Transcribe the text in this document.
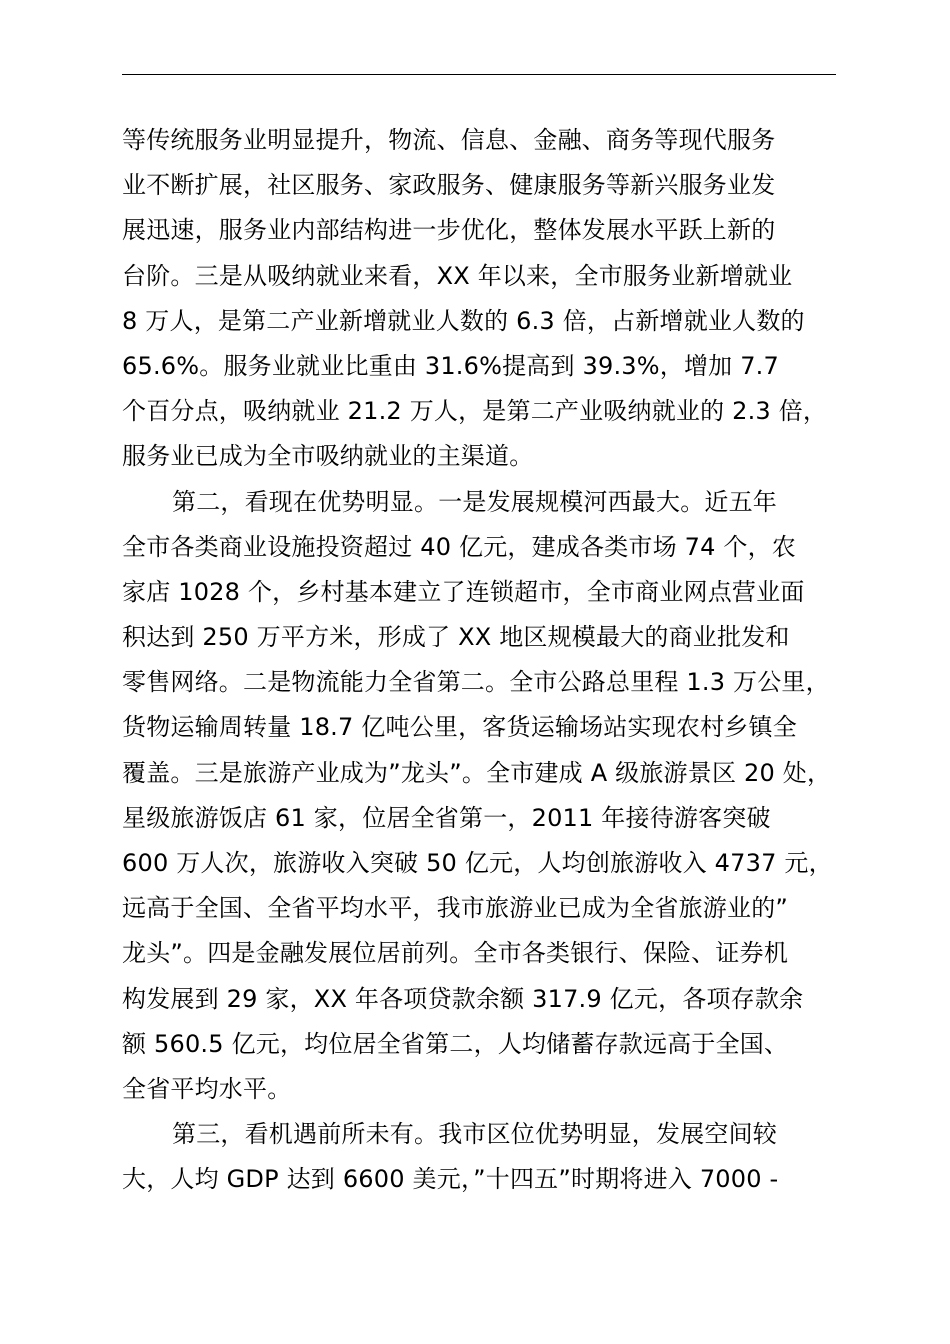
等传统服务业明显提升，物流、信息、金融、商务等现代服务
业不断扩展，社区服务、家政服务、健康服务等新兴服务业发
展迅速，服务业内部结构进一步优化，整体发展水平跃上新的
台阶。三是从吸纳就业来看，XX 年以来，全市服务业新增就业
8 万人，是第二产业新增就业人数的 6.3 倍，占新增就业人数的
65.6%。服务业就业比重由 31.6%提高到 39.3%，增加 7.7
个百分点，吸纳就业 21.2 万人，是第二产业吸纳就业的 2.3 倍，
服务业已成为全市吸纳就业的主渠道。
第二，看现在优势明显。一是发展规模河西最大。近五年
全市各类商业设施投资超过 40 亿元，建成各类市场 74 个，农
家店 1028 个，乡村基本建立了连锁超市，全市商业网点营业面
积达到 250 万平方米，形成了 XX 地区规模最大的商业批发和
零售网络。二是物流能力全省第二。全市公路总里程 1.3 万公里，
货物运输周转量 18.7 亿吨公里，客货运输场站实现农村乡镇全
覆盖。三是旅游产业成为”龙头”。全市建成 A 级旅游景区 20 处，
星级旅游饭店 61 家，位居全省第一，2011 年接待游客突破
600 万人次，旅游收入突破 50 亿元，人均创旅游收入 4737 元，
远高于全国、全省平均水平，我市旅游业已成为全省旅游业的”
龙头”。四是金融发展位居前列。全市各类银行、保险、证券机
构发展到 29 家，XX 年各项贷款余额 317.9 亿元，各项存款余
额 560.5 亿元，均位居全省第二，人均储蓄存款远高于全国、
全省平均水平。
第三，看机遇前所未有。我市区位优势明显，发展空间较
大，人均 GDP 达到 6600 美元，”十四五”时期将进入 7000 -
